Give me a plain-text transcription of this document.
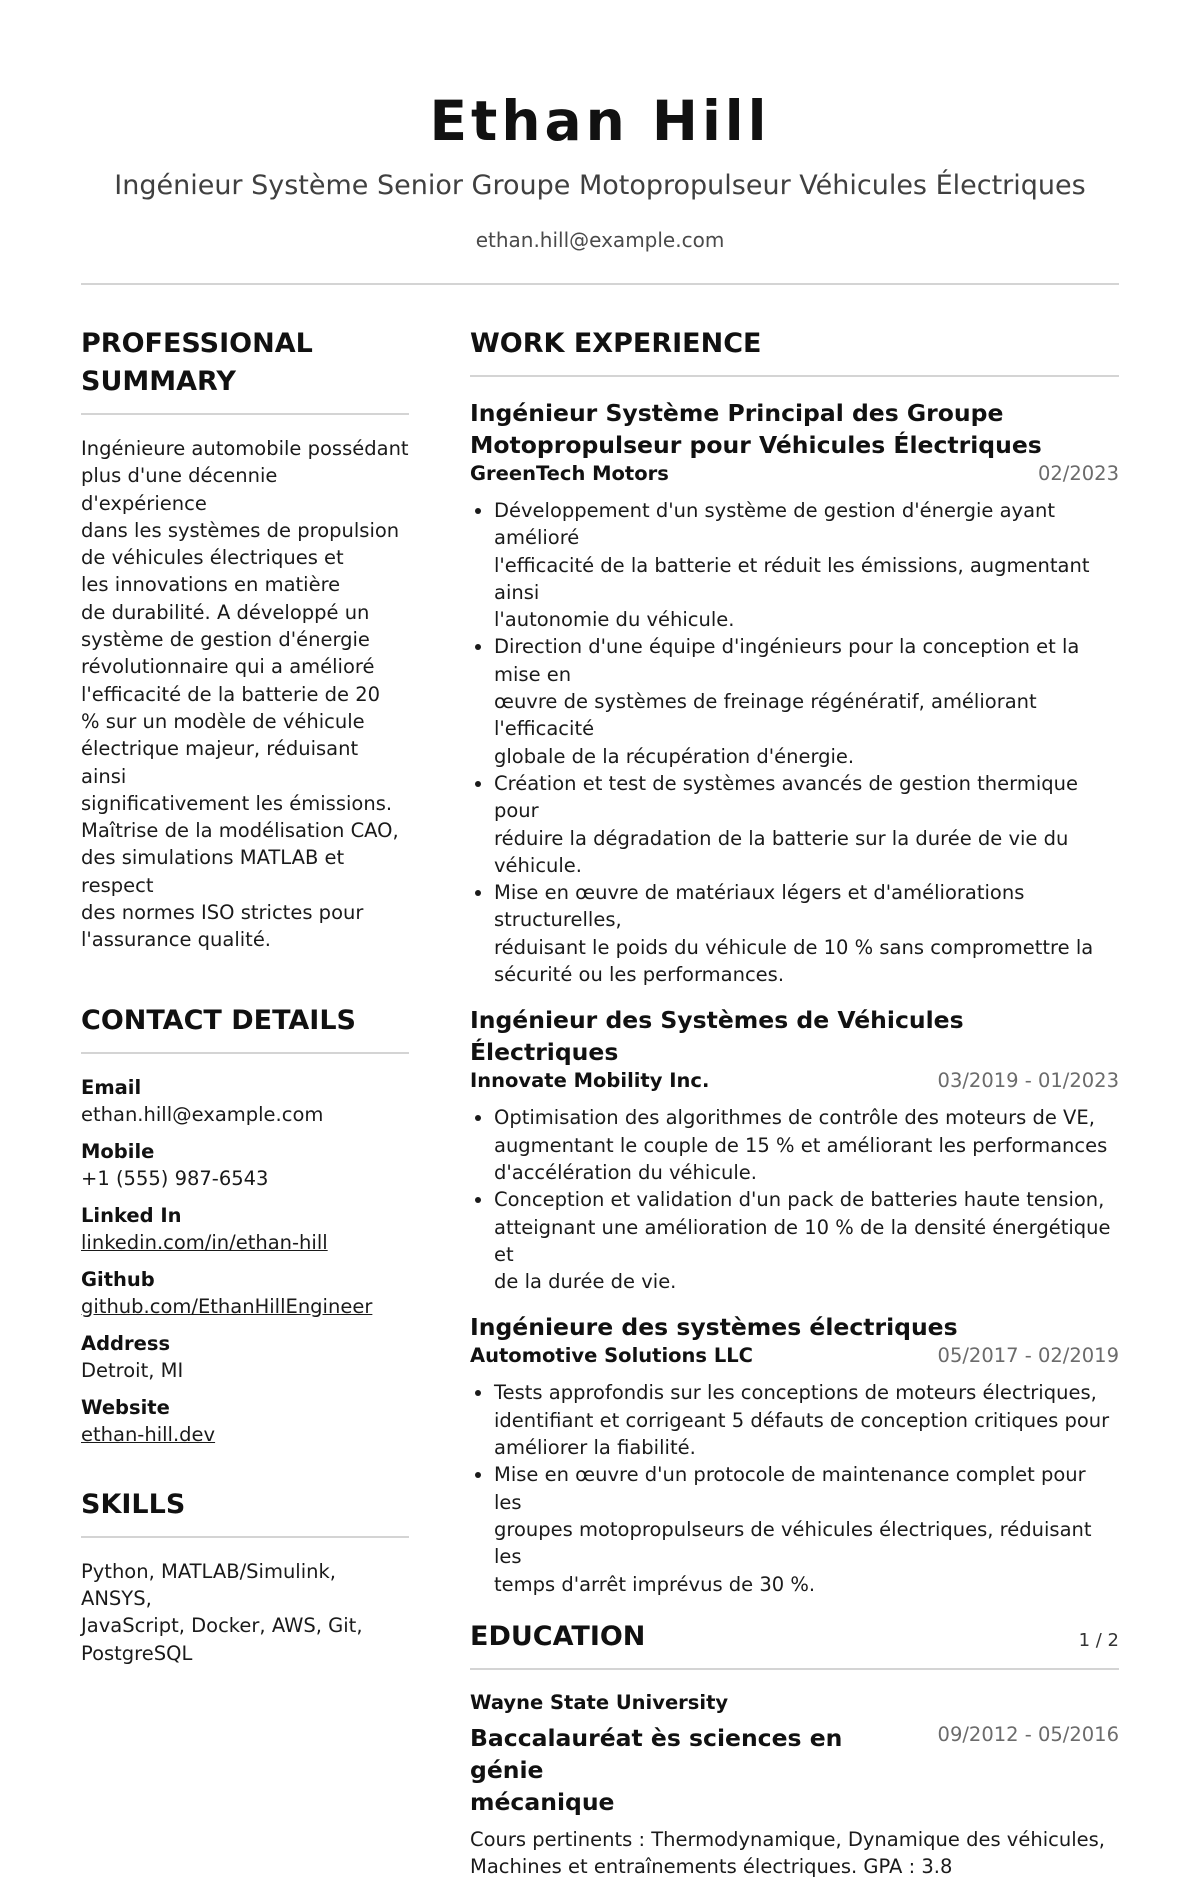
Ethan Hill
Ingénieur Système Senior Groupe Motopropulseur Véhicules Électriques
ethan.hill@example.com
PROFESSIONAL
SUMMARY
Ingénieure automobile possédant
plus d'une décennie d'expérience
dans les systèmes de propulsion
de véhicules électriques et
les innovations en matière
de durabilité. A développé un
système de gestion d'énergie
révolutionnaire qui a amélioré
l'efficacité de la batterie de 20
% sur un modèle de véhicule
électrique majeur, réduisant ainsi
significativement les émissions.
Maîtrise de la modélisation CAO,
des simulations MATLAB et respect
des normes ISO strictes pour
l'assurance qualité.
CONTACT DETAILS
Email
ethan.hill@example.com
Mobile
+1 (555) 987-6543
Linked In
linkedin.com/in/ethan-hill
Github
github.com/EthanHillEngineer
Address
Detroit, MI
Website
ethan-hill.dev
SKILLS
Python, MATLAB/Simulink, ANSYS,
JavaScript, Docker, AWS, Git,
PostgreSQL
WORK EXPERIENCE
Ingénieur Système Principal des Groupe
Motopropulseur pour Véhicules Électriques
GreenTech Motors	02/2023
• Développement d'un système de gestion d'énergie ayant amélioré
l'efficacité de la batterie et réduit les émissions, augmentant ainsi
l'autonomie du véhicule.
• Direction d'une équipe d'ingénieurs pour la conception et la mise en
œuvre de systèmes de freinage régénératif, améliorant l'efficacité
globale de la récupération d'énergie.
• Création et test de systèmes avancés de gestion thermique pour
réduire la dégradation de la batterie sur la durée de vie du véhicule.
• Mise en œuvre de matériaux légers et d'améliorations structurelles,
réduisant le poids du véhicule de 10 % sans compromettre la
sécurité ou les performances.
Ingénieur des Systèmes de Véhicules Électriques
Innovate Mobility Inc.	03/2019 - 01/2023
• Optimisation des algorithmes de contrôle des moteurs de VE,
augmentant le couple de 15 % et améliorant les performances
d'accélération du véhicule.
• Conception et validation d'un pack de batteries haute tension,
atteignant une amélioration de 10 % de la densité énergétique et
de la durée de vie.
Ingénieure des systèmes électriques
Automotive Solutions LLC	05/2017 - 02/2019
• Tests approfondis sur les conceptions de moteurs électriques,
identifiant et corrigeant 5 défauts de conception critiques pour
améliorer la fiabilité.
• Mise en œuvre d'un protocole de maintenance complet pour les
groupes motopropulseurs de véhicules électriques, réduisant les
temps d'arrêt imprévus de 30 %.
EDUCATION
Wayne State University
Baccalauréat ès sciences en génie
mécanique
09/2012 - 05/2016
Cours pertinents : Thermodynamique, Dynamique des véhicules,
Machines et entraînements électriques. GPA : 3.8
1 / 2
